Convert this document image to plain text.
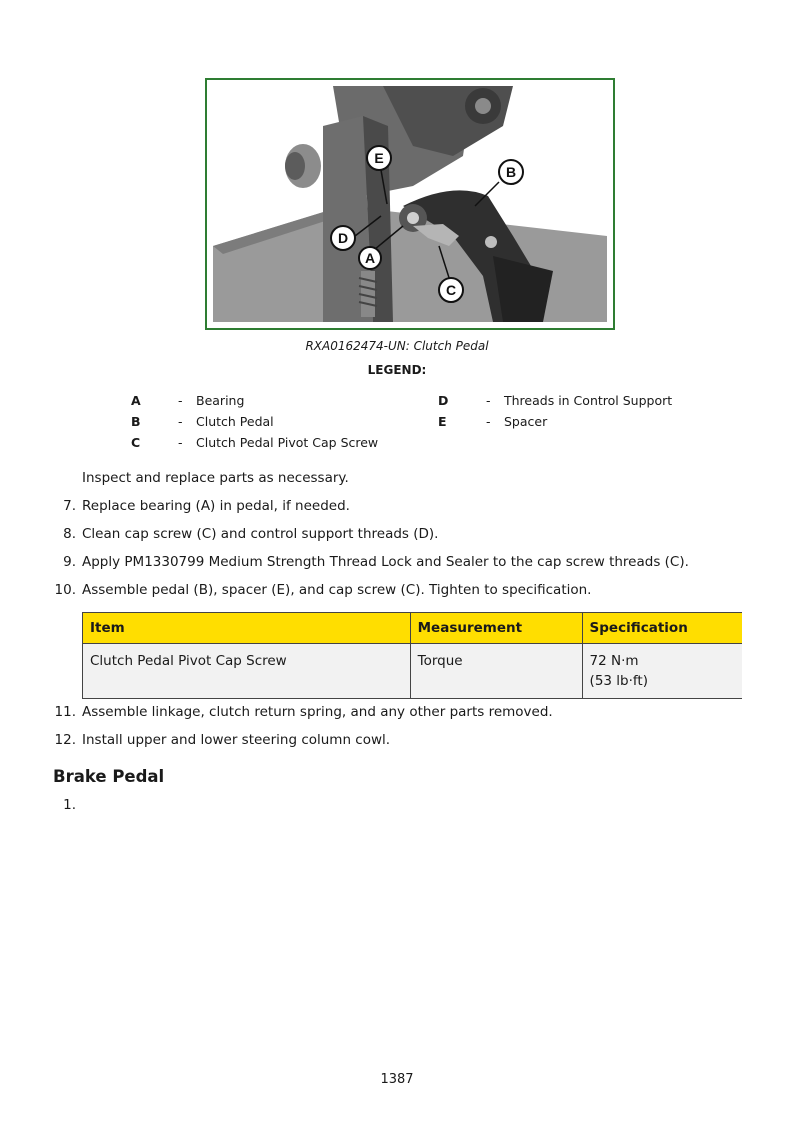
E
B
D
A
C
RXA0162474-UN: Clutch Pedal
LEGEND:
A	- Bearing
B	- Clutch Pedal
C	- Clutch Pedal Pivot Cap Screw
D	- Threads in Control Support
E	- Spacer
Inspect and replace parts as necessary.
7. Replace bearing (A) in pedal, if needed.
8. Clean cap screw (C) and control support threads (D).
9. Apply PM1330799 Medium Strength Thread Lock and Sealer to the cap screw threads (C).
10. Assemble pedal (B), spacer (E), and cap screw (C). Tighten to specification.
Item	Measurement	Specification
Clutch Pedal Pivot Cap Screw	Torque	72 N·m
(53 lb·ft)
11. Assemble linkage, clutch return spring, and any other parts removed.
12. Install upper and lower steering column cowl.
Brake Pedal
1.
1387
